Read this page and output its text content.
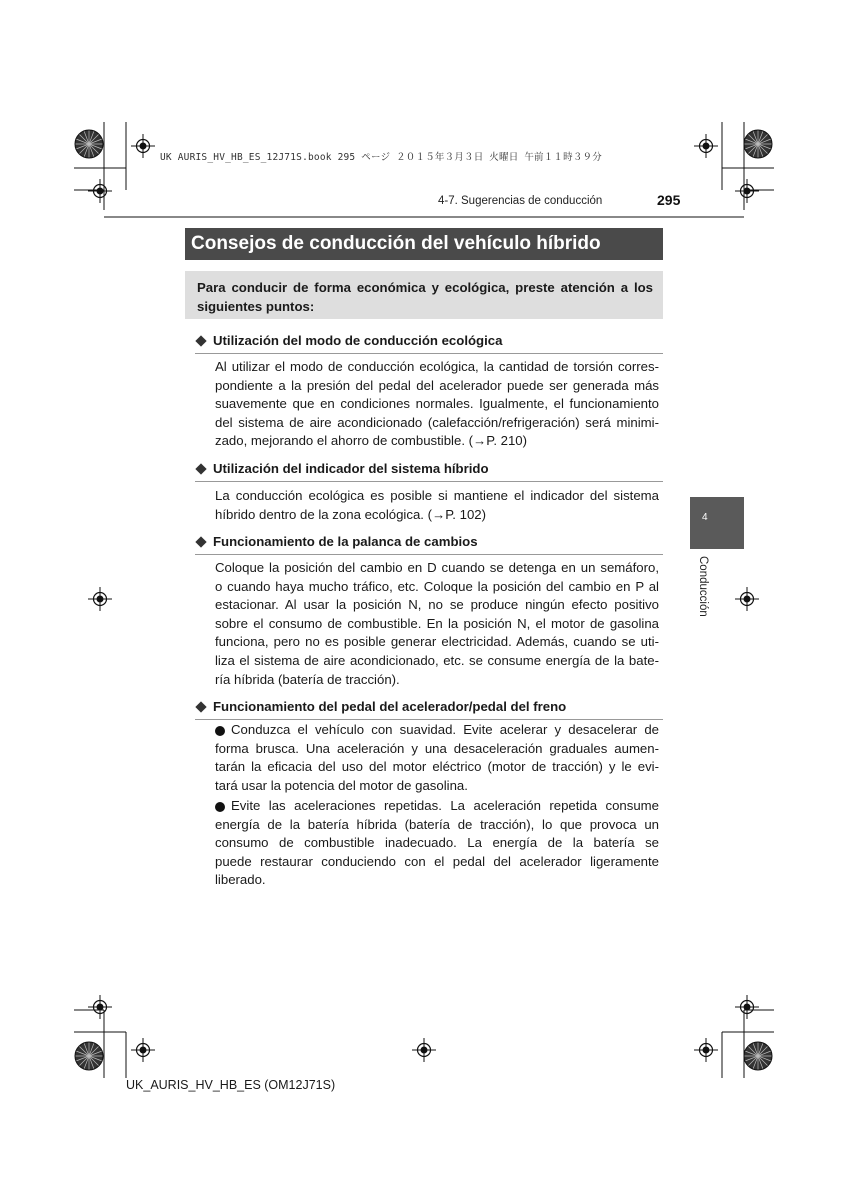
UK AURIS_HV_HB_ES_12J71S.book 295 ページ ２０１５年３月３日 火曜日 午前１１時３９分
4-7. Sugerencias de conducción	295
Consejos de conducción del vehículo híbrido
Para conducir de forma económica y ecológica, preste atención a los
siguientes puntos:
Utilización del modo de conducción ecológica
Al utilizar el modo de conducción ecológica, la cantidad de torsión corres-
pondiente a la presión del pedal del acelerador puede ser generada más
suavemente que en condiciones normales. Igualmente, el funcionamiento
del sistema de aire acondicionado (calefacción/refrigeración) será minimi-
zado, mejorando el ahorro de combustible. (→P. 210)
Utilización del indicador del sistema híbrido
La conducción ecológica es posible si mantiene el indicador del sistema
híbrido dentro de la zona ecológica. (→P. 102)
Funcionamiento de la palanca de cambios
Coloque la posición del cambio en D cuando se detenga en un semáforo,
o cuando haya mucho tráfico, etc. Coloque la posición del cambio en P al
estacionar. Al usar la posición N, no se produce ningún efecto positivo
sobre el consumo de combustible. En la posición N, el motor de gasolina
funciona, pero no es posible generar electricidad. Además, cuando se uti-
liza el sistema de aire acondicionado, etc. se consume energía de la bate-
ría híbrida (batería de tracción).
Funcionamiento del pedal del acelerador/pedal del freno
Conduzca el vehículo con suavidad. Evite acelerar y desacelerar de
forma brusca. Una aceleración y una desaceleración graduales aumen-
tarán la eficacia del uso del motor eléctrico (motor de tracción) y le evi-
tará usar la potencia del motor de gasolina.
Evite las aceleraciones repetidas. La aceleración repetida consume
energía de la batería híbrida (batería de tracción), lo que provoca un
consumo de combustible inadecuado. La energía de la batería se
puede restaurar conduciendo con el pedal del acelerador ligeramente
liberado.
4
Conducción
UK_AURIS_HV_HB_ES (OM12J71S)
